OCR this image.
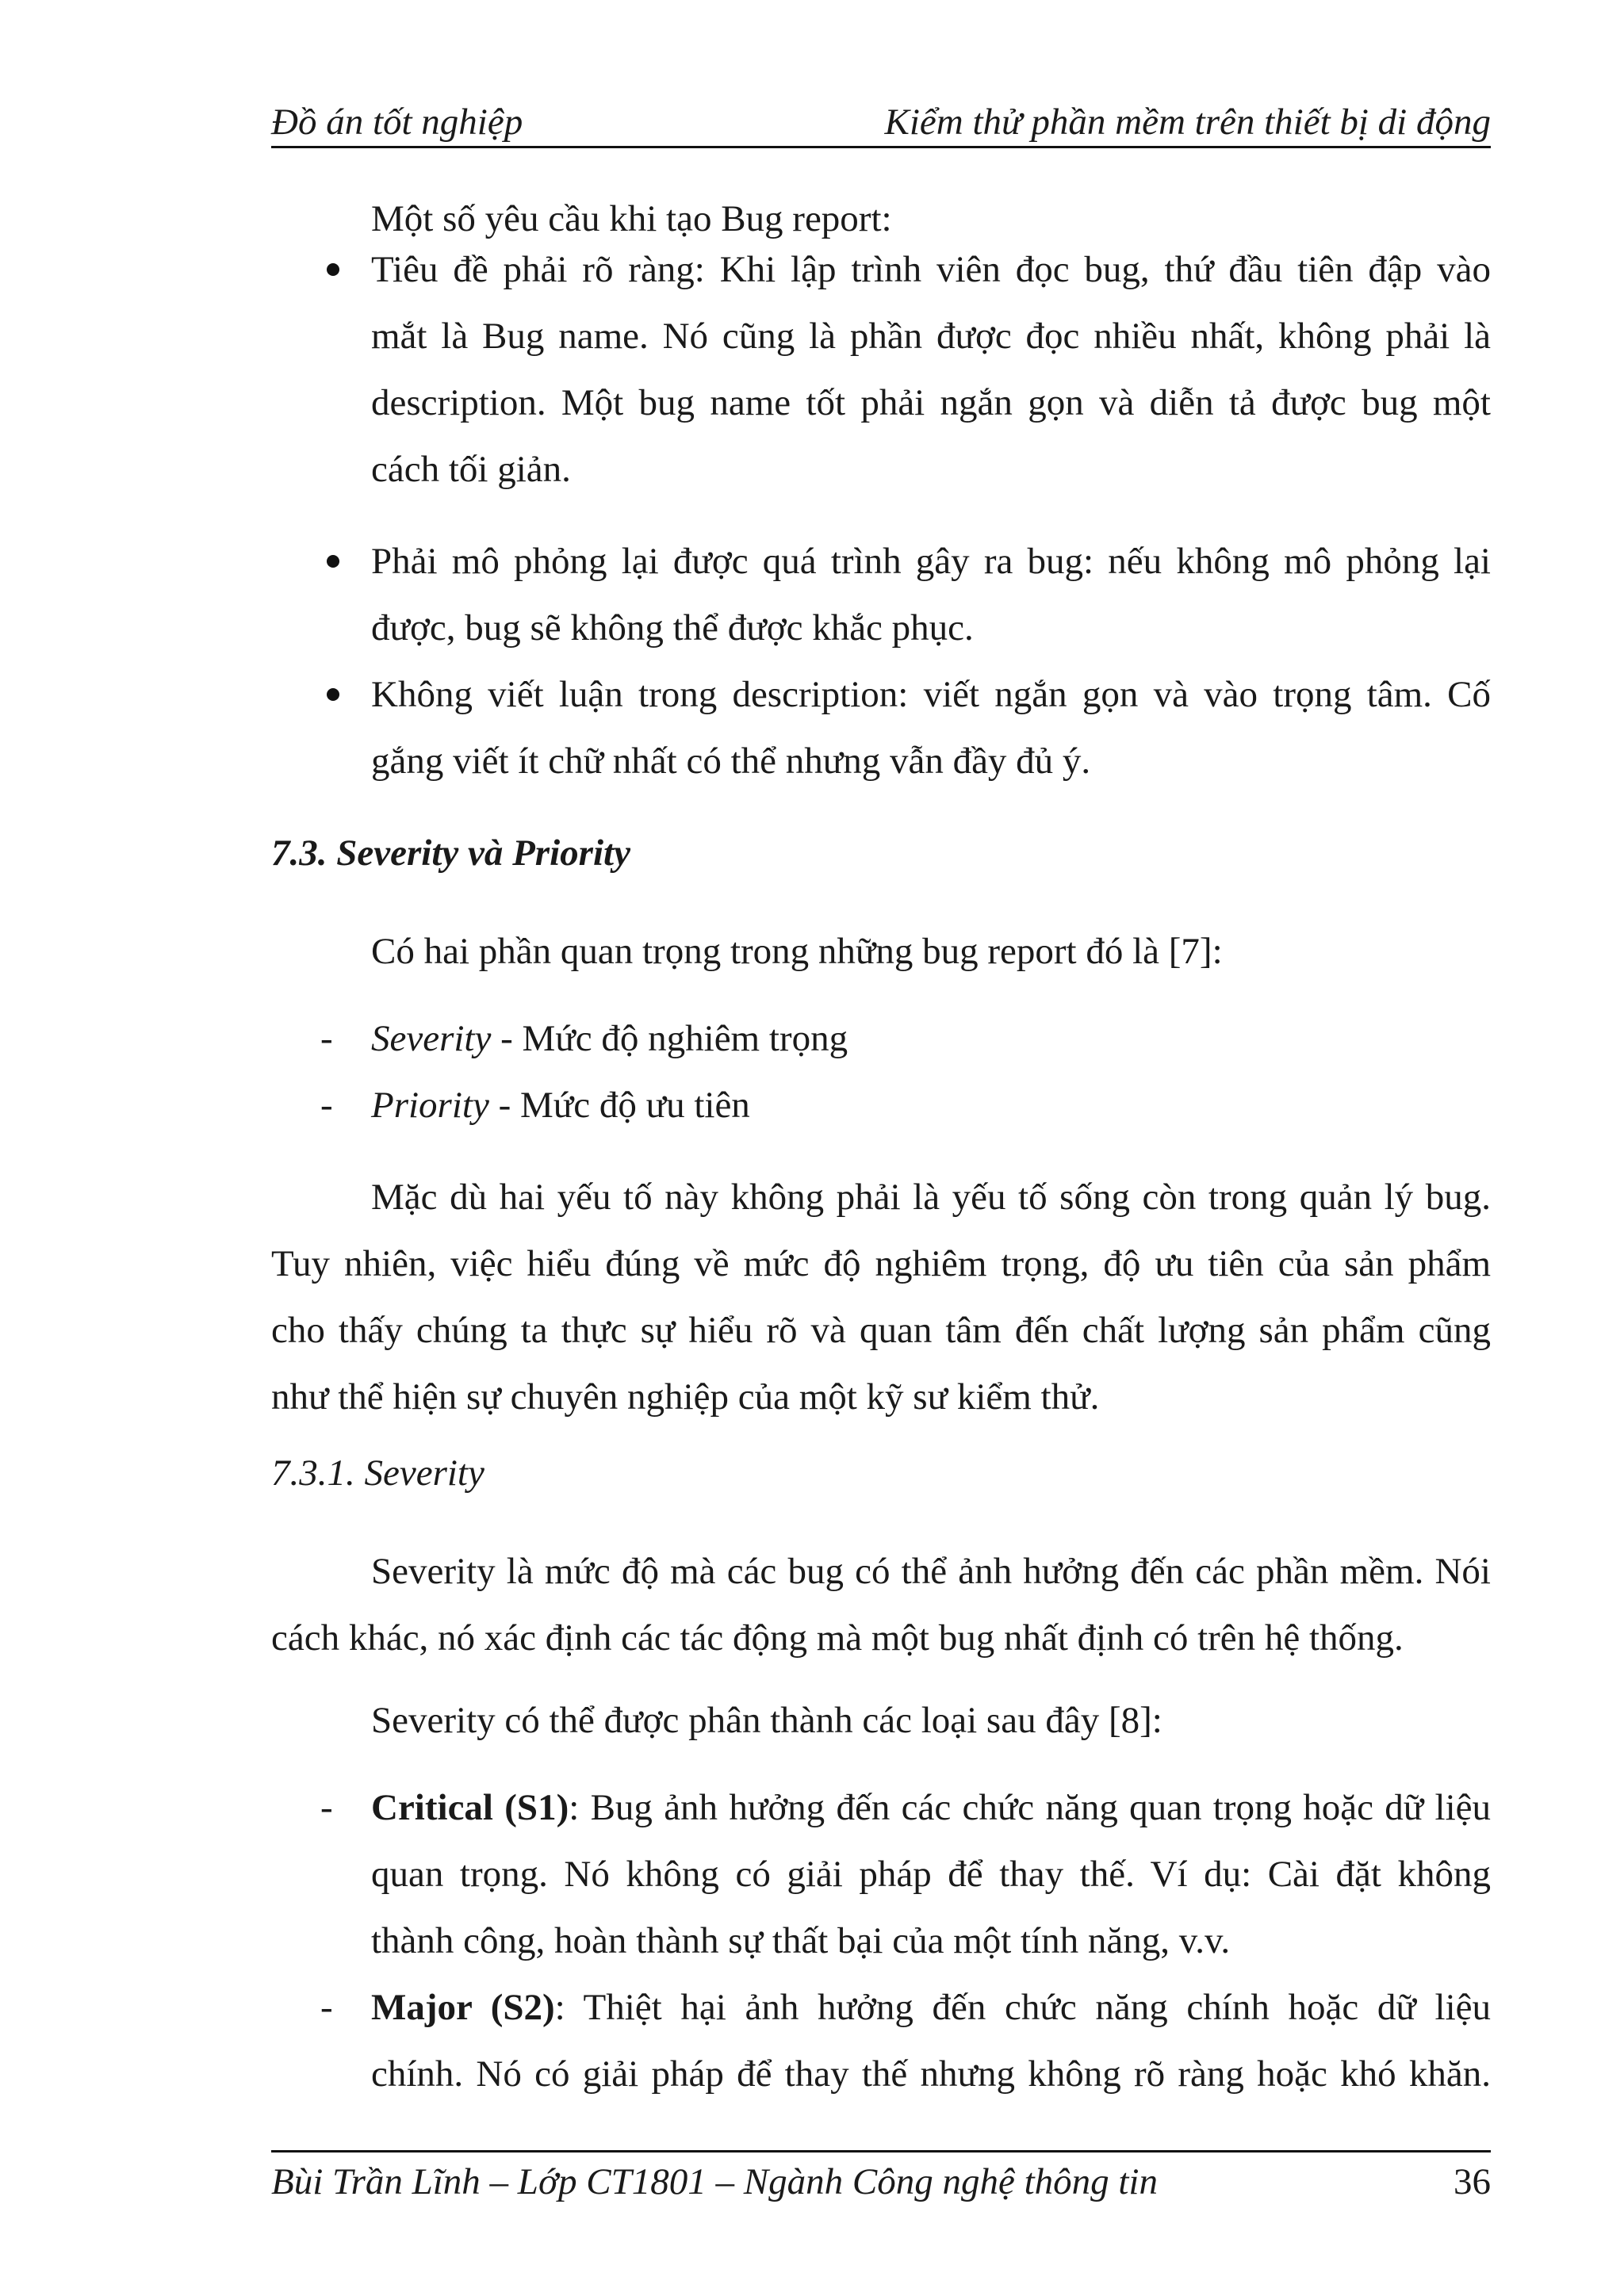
Đồ án tốt nghiệp	Kiểm thử phần mềm trên thiết bị di động
Một số yêu cầu khi tạo Bug report:
Tiêu đề phải rõ ràng: Khi lập trình viên đọc bug, thứ đầu tiên đập vào
mắt là Bug name. Nó cũng là phần được đọc nhiều nhất, không phải là
description. Một bug name tốt phải ngắn gọn và diễn tả được bug một
cách tối giản.
Phải mô phỏng lại được quá trình gây ra bug: nếu không mô phỏng lại
được, bug sẽ không thể được khắc phục.
Không viết luận trong description: viết ngắn gọn và vào trọng tâm. Cố
gắng viết ít chữ nhất có thể nhưng vẫn đầy đủ ý.
7.3. Severity và Priority
Có hai phần quan trọng trong những bug report đó là [7]:
- Severity - Mức độ nghiêm trọng
- Priority - Mức độ ưu tiên
Mặc dù hai yếu tố này không phải là yếu tố sống còn trong quản lý bug.
Tuy nhiên, việc hiểu đúng về mức độ nghiêm trọng, độ ưu tiên của sản phẩm
cho thấy chúng ta thực sự hiểu rõ và quan tâm đến chất lượng sản phẩm cũng
như thể hiện sự chuyên nghiệp của một kỹ sư kiểm thử.
7.3.1. Severity
Severity là mức độ mà các bug có thể ảnh hưởng đến các phần mềm. Nói
cách khác, nó xác định các tác động mà một bug nhất định có trên hệ thống.
Severity có thể được phân thành các loại sau đây [8]:
- Critical (S1): Bug ảnh hưởng đến các chức năng quan trọng hoặc dữ liệu
quan trọng. Nó không có giải pháp để thay thế. Ví dụ: Cài đặt không
thành công, hoàn thành sự thất bại của một tính năng, v.v.
- Major (S2): Thiệt hại ảnh hưởng đến chức năng chính hoặc dữ liệu
chính. Nó có giải pháp để thay thế nhưng không rõ ràng hoặc khó khăn.
Bùi Trần Lĩnh – Lớp CT1801 – Ngành Công nghệ thông tin	36
